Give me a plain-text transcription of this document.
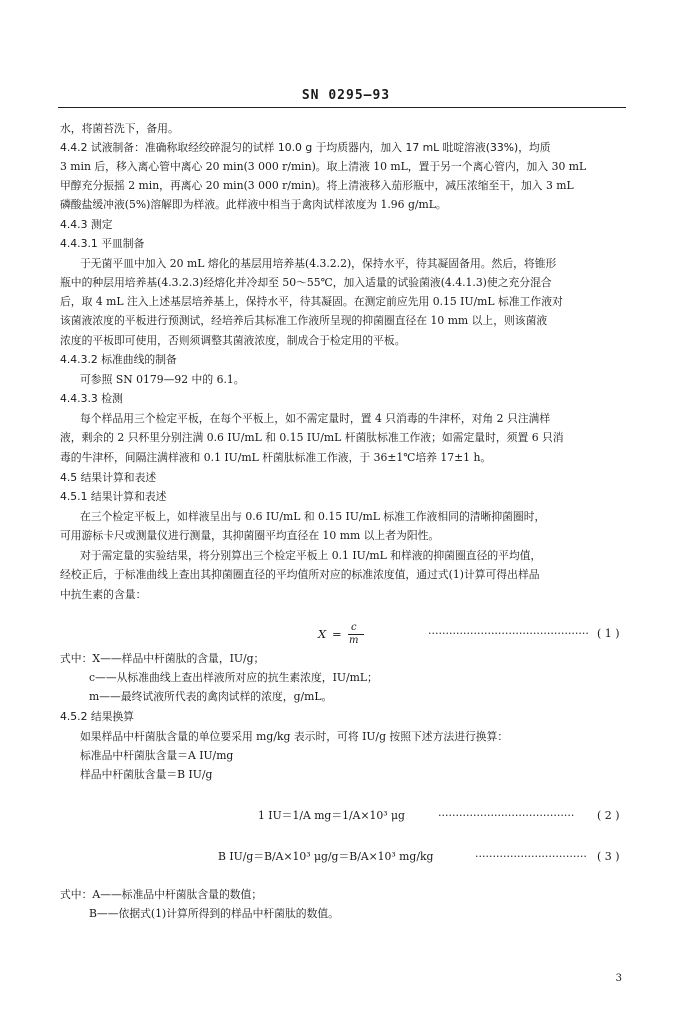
SN 0295—93
水，将菌苔洗下，备用。
4.4.2 试液制备：准确称取经绞碎混匀的试样 10.0 g 于均质器内，加入 17 mL 吡啶溶液(33%)，均质
3 min 后，移入离心管中离心 20 min(3 000 r/min)。取上清液 10 mL，置于另一个离心管内，加入 30 mL
甲醇充分振摇 2 min，再离心 20 min(3 000 r/min)。将上清液移入茄形瓶中，减压浓缩至干，加入 3 mL
磷酸盐缓冲液(5%)溶解即为样液。此样液中相当于禽肉试样浓度为 1.96 g/mL。
4.4.3 测定
4.4.3.1 平皿制备
于无菌平皿中加入 20 mL 熔化的基层用培养基(4.3.2.2)，保持水平，待其凝固备用。然后，将锥形
瓶中的种层用培养基(4.3.2.3)经熔化并冷却至 50～55℃，加入适量的试验菌液(4.4.1.3)使之充分混合
后，取 4 mL 注入上述基层培养基上，保持水平，待其凝固。在测定前应先用 0.15 IU/mL 标准工作液对
该菌液浓度的平板进行预测试，经培养后其标准工作液所呈现的抑菌圈直径在 10 mm 以上，则该菌液
浓度的平板即可使用，否则须调整其菌液浓度，制成合于检定用的平板。
4.4.3.2 标准曲线的制备
可参照 SN 0179—92 中的 6.1。
4.4.3.3 检测
每个样品用三个检定平板，在每个平板上，如不需定量时，置 4 只消毒的牛津杯，对角 2 只注满样
液，剩余的 2 只杯里分别注满 0.6 IU/mL 和 0.15 IU/mL 杆菌肽标准工作液；如需定量时，须置 6 只消
毒的牛津杯，间隔注满样液和 0.1 IU/mL 杆菌肽标准工作液，于 36±1℃培养 17±1 h。
4.5 结果计算和表述
4.5.1 结果计算和表述
在三个检定平板上，如样液呈出与 0.6 IU/mL 和 0.15 IU/mL 标准工作液相同的清晰抑菌圈时，
可用游标卡尺或测量仪进行测量，其抑菌圈平均直径在 10 mm 以上者为阳性。
对于需定量的实验结果，将分别算出三个检定平板上 0.1 IU/mL 和样液的抑菌圈直径的平均值，
经校正后，于标准曲线上查出其抑菌圈直径的平均值所对应的标准浓度值，通过式(1)计算可得出样品
中抗生素的含量：
X = c
m
·············································· ( 1 )
式中：X——样品中杆菌肽的含量，IU/g；
c——从标准曲线上查出样液所对应的抗生素浓度，IU/mL；
m——最终试液所代表的禽肉试样的浓度，g/mL。
4.5.2 结果换算
如果样品中杆菌肽含量的单位要采用 mg/kg 表示时，可将 IU/g 按照下述方法进行换算：
标准品中杆菌肽含量＝A IU/mg
样品中杆菌肽含量＝B IU/g
1 IU＝1/A mg＝1/A×10³ μg	······································· ( 2 )
B IU/g＝B/A×10³ μg/g＝B/A×10³ mg/kg	································ ( 3 )
式中：A——标准品中杆菌肽含量的数值；
B——依据式(1)计算所得到的样品中杆菌肽的数值。
3
